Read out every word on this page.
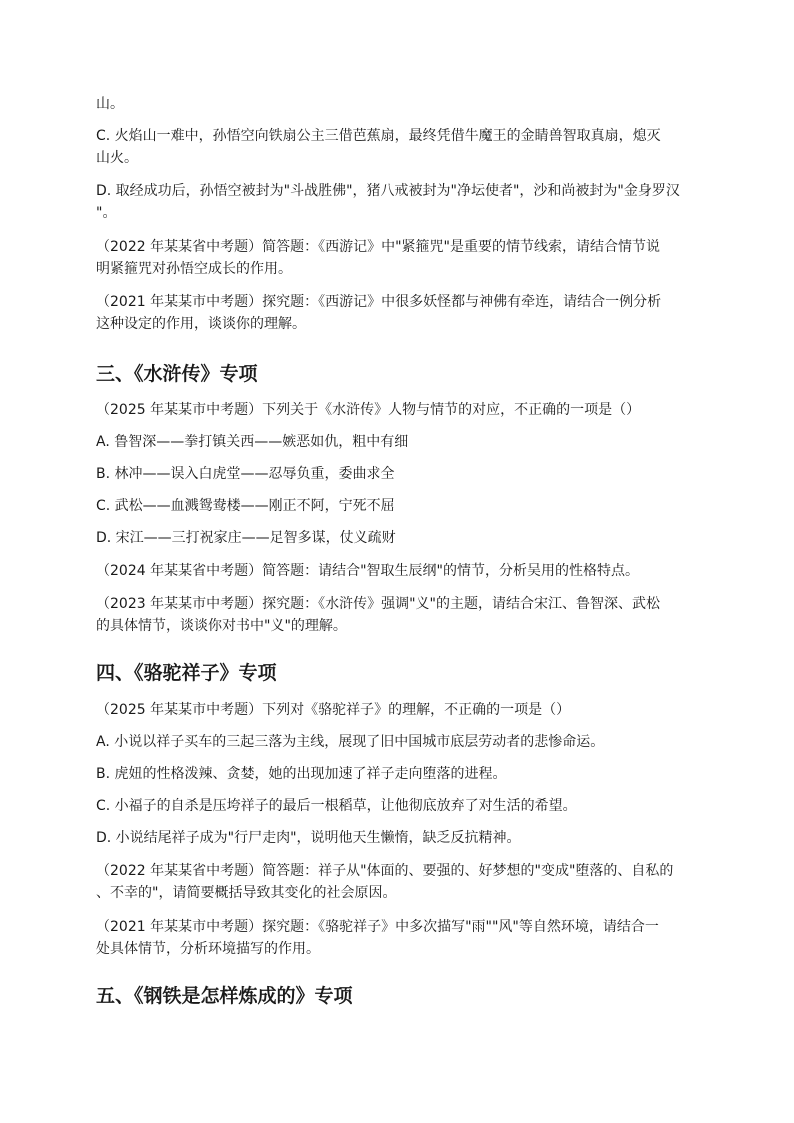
山。
C. 火焰山一难中，孙悟空向铁扇公主三借芭蕉扇，最终凭借牛魔王的金睛兽智取真扇，熄灭
山火。
D. 取经成功后，孙悟空被封为"斗战胜佛"，猪八戒被封为"净坛使者"，沙和尚被封为"金身罗汉
"。
（2022 年某某省中考题）简答题：《西游记》中"紧箍咒"是重要的情节线索，请结合情节说
明紧箍咒对孙悟空成长的作用。
（2021 年某某市中考题）探究题：《西游记》中很多妖怪都与神佛有牵连，请结合一例分析
这种设定的作用，谈谈你的理解。
三、《水浒传》专项
（2025 年某某市中考题）下列关于《水浒传》人物与情节的对应，不正确的一项是（）
A. 鲁智深——拳打镇关西——嫉恶如仇，粗中有细
B. 林冲——误入白虎堂——忍辱负重，委曲求全
C. 武松——血溅鸳鸯楼——刚正不阿，宁死不屈
D. 宋江——三打祝家庄——足智多谋，仗义疏财
（2024 年某某省中考题）简答题：请结合"智取生辰纲"的情节，分析吴用的性格特点。
（2023 年某某市中考题）探究题：《水浒传》强调"义"的主题，请结合宋江、鲁智深、武松
的具体情节，谈谈你对书中"义"的理解。
四、《骆驼祥子》专项
（2025 年某某市中考题）下列对《骆驼祥子》的理解，不正确的一项是（）
A. 小说以祥子买车的三起三落为主线，展现了旧中国城市底层劳动者的悲惨命运。
B. 虎妞的性格泼辣、贪婪，她的出现加速了祥子走向堕落的进程。
C. 小福子的自杀是压垮祥子的最后一根稻草，让他彻底放弃了对生活的希望。
D. 小说结尾祥子成为"行尸走肉"，说明他天生懒惰，缺乏反抗精神。
（2022 年某某省中考题）简答题：祥子从"体面的、要强的、好梦想的"变成"堕落的、自私的
、不幸的"，请简要概括导致其变化的社会原因。
（2021 年某某市中考题）探究题：《骆驼祥子》中多次描写"雨""风"等自然环境，请结合一
处具体情节，分析环境描写的作用。
五、《钢铁是怎样炼成的》专项
